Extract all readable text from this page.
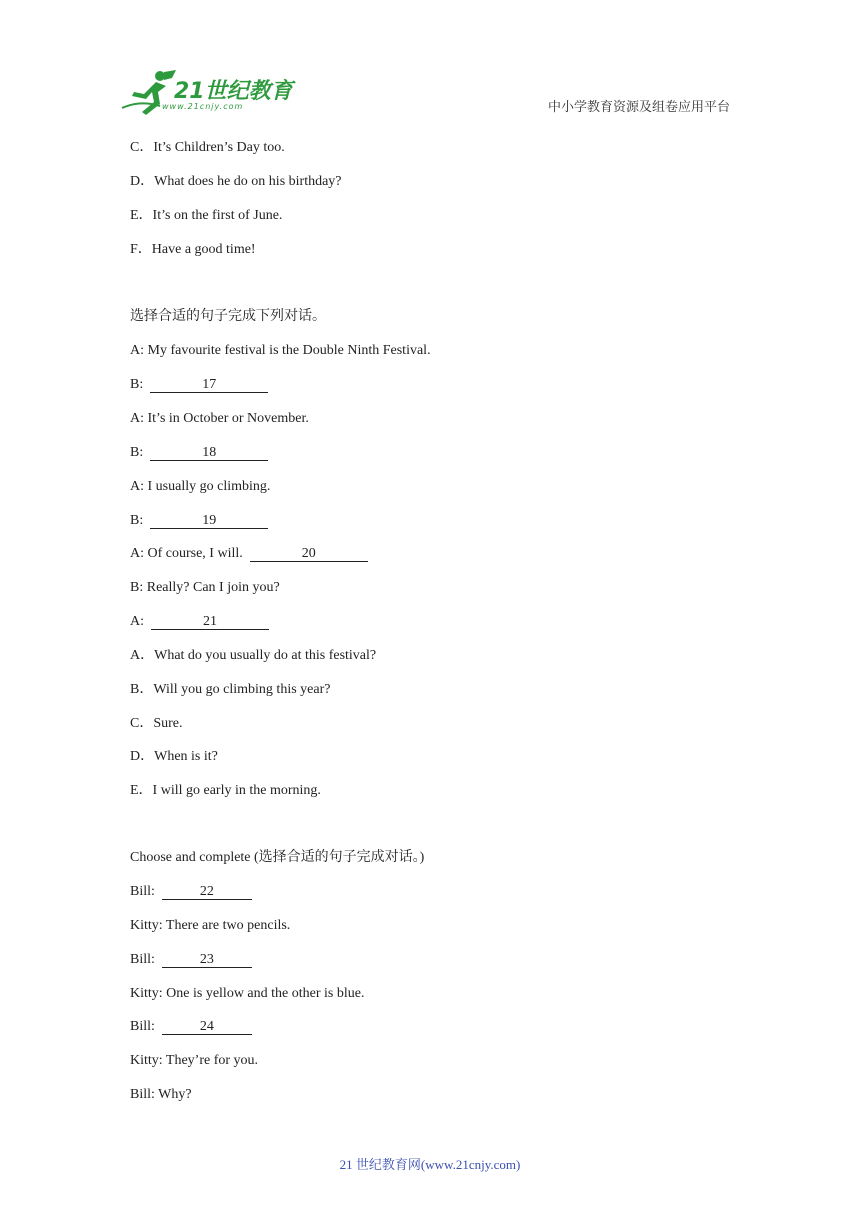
21世纪教育
www.21cnjy.com	中小学教育资源及组卷应用平台
C．It’s Children’s Day too.
D．What does he do on his birthday?
E．It’s on the first of June.
F．Have a good time!
选择合适的句子完成下列对话。
A: My favourite festival is the Double Ninth Festival.
B:	17
A: It’s in October or November.
B:	18
A: I usually go climbing.
B:	19
A: Of course, I will.	20
B: Really? Can I join you?
A:	21
A．What do you usually do at this festival?
B．Will you go climbing this year?
C．Sure.
D．When is it?
E．I will go early in the morning.
Choose and complete (选择合适的句子完成对话。)
Bill:	22
Kitty: There are two pencils.
Bill:	23
Kitty: One is yellow and the other is blue.
Bill:	24
Kitty: They’re for you.
Bill: Why?
21 世纪教育网(www.21cnjy.com)
